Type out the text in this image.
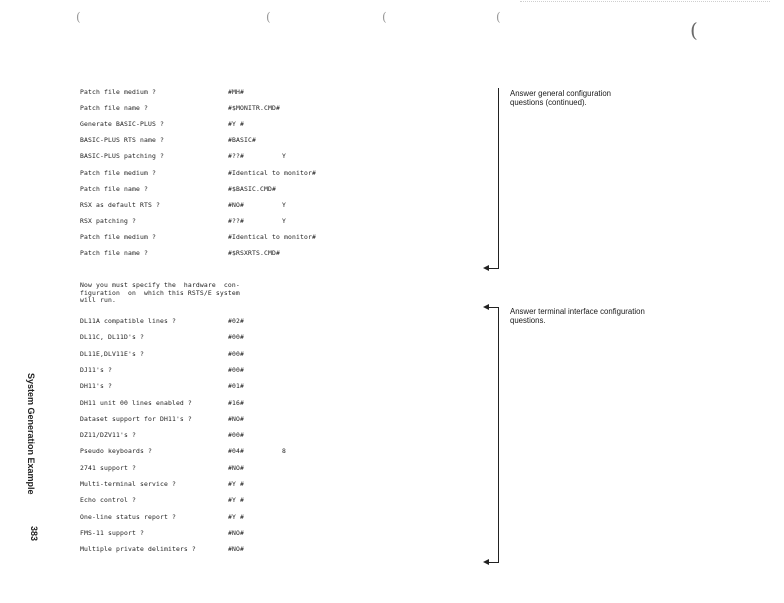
(	(	(	(
(
Patch file medium ?	#MH#
Patch file name ?	#$MONITR.CMD#
Generate BASIC-PLUS ?	#Y #
BASIC-PLUS RTS name ?	#BASIC#
BASIC-PLUS patching ?	#??#	Y
Patch file medium ?	#Identical to monitor#
Patch file name ?	#$BASIC.CMD#
RSX as default RTS ?	#NO#	Y
RSX patching ?	#??#	Y
Patch file medium ?	#Identical to monitor#
Patch file name ?	#$RSXRTS.CMD#
Now you must specify the  hardware  con-
figuration  on  which this RSTS/E system
will run.
DL11A compatible lines ?	#02#
DL11C, DL11D's ?	#00#
DL11E,DLV11E's ?	#00#
DJ11's ?	#00#
DH11's ?	#01#
DH11 unit 00 lines enabled ?	#16#
Dataset support for DH11's ?	#NO#
DZ11/DZV11's ?	#00#
Pseudo keyboards ?	#04#	8
2741 support ?	#NO#
Multi-terminal service ?	#Y #
Echo control ?	#Y #
One-line status report ?	#Y #
FMS-11 support ?	#NO#
Multiple private delimiters ?	#NO#
Answer general configuration
questions (continued).
Answer terminal interface configuration
questions.
System Generation Example
383
